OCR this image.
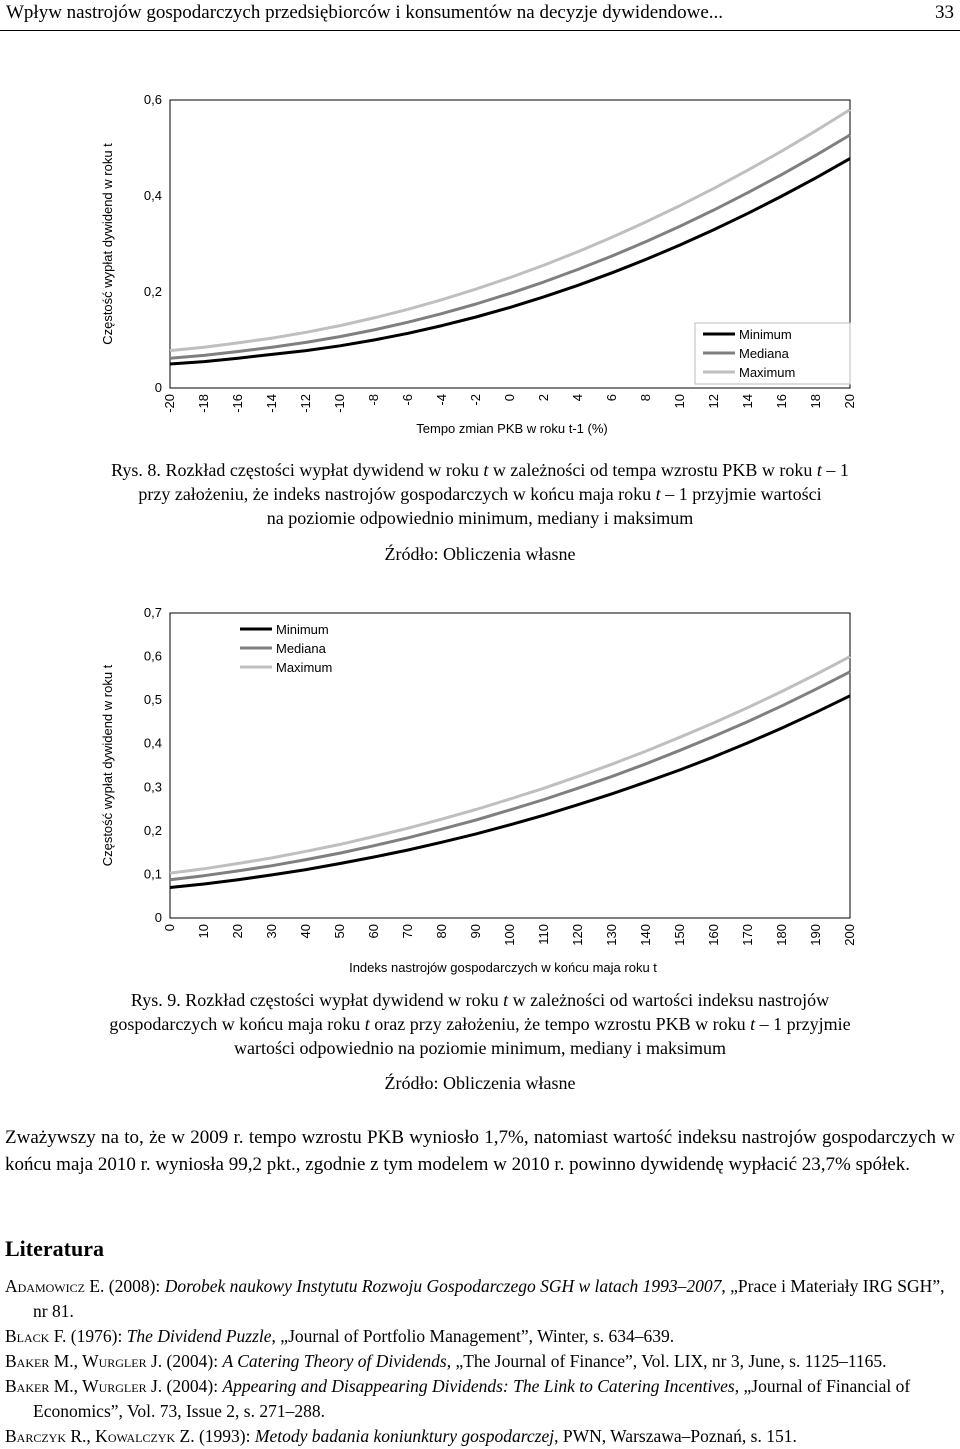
Wpływ nastrojów gospodarczych przedsiębiorców i konsumentów na decyzje dywidendowe...	33
0
0,2
0,4
0,6
-20 -18 -16 -14 -12 -10 -8 -6 -4 -2 0 2 4 6 8 10 12 14 16 18 20
Częstość wypłat dywidend w roku t
Tempo zmian PKB w roku t-1 (%)
Minimum
Mediana
Maximum

Rys. 8. Rozkład częstości wypłat dywidend w roku t w zależności od tempa wzrostu PKB w roku t – 1

przy założeniu, że indeks nastrojów gospodarczych w końcu maja roku t – 1 przyjmie wartości

na poziomie odpowiednio minimum, mediany i maksimum

Źródło: Obliczenia własne
0
0,1
0,2
0,3
0,4
0,5
0,6
0,7
0 10 20 30 40 50 60 70 80 90 100 110 120 130 140 150 160 170 180 190 200
Częstość wypłat dywidend w roku t
Indeks nastrojów gospodarczych w końcu maja roku t
Minimum
Mediana
Maximum

Rys. 9. Rozkład częstości wypłat dywidend w roku t w zależności od wartości indeksu nastrojów

gospodarczych w końcu maja roku t oraz przy założeniu, że tempo wzrostu PKB w roku t – 1 przyjmie

wartości odpowiednio na poziomie minimum, mediany i maksimum

Źródło: Obliczenia własne

Zważywszy na to, że w 2009 r. tempo wzrostu PKB wyniosło 1,7%, natomiast wartość indeksu nastrojów gospodarczych w końcu maja 2010 r. wyniosła 99,2 pkt., zgodnie z tym modelem w 2010 r. powinno dywidendę wypłacić 23,7% spółek.

Literatura
Adamowicz E. (2008): Dorobek naukowy Instytutu Rozwoju Gospodarczego SGH w latach 1993–2007, „Prace i Materiały IRG SGH”, nr 81.
Black F. (1976): The Dividend Puzzle, „Journal of Portfolio Management”, Winter, s. 634–639.
Baker M., Wurgler J. (2004): A Catering Theory of Dividends, „The Journal of Finance”, Vol. LIX, nr 3, June, s. 1125–1165.
Baker M., Wurgler J. (2004): Appearing and Disappearing Dividends: The Link to Catering Incentives, „Journal of Financial of Economics”, Vol. 73, Issue 2, s. 271–288.
Barczyk R., Kowalczyk Z. (1993): Metody badania koniunktury gospodarczej, PWN, Warszawa–Poznań, s. 151.
